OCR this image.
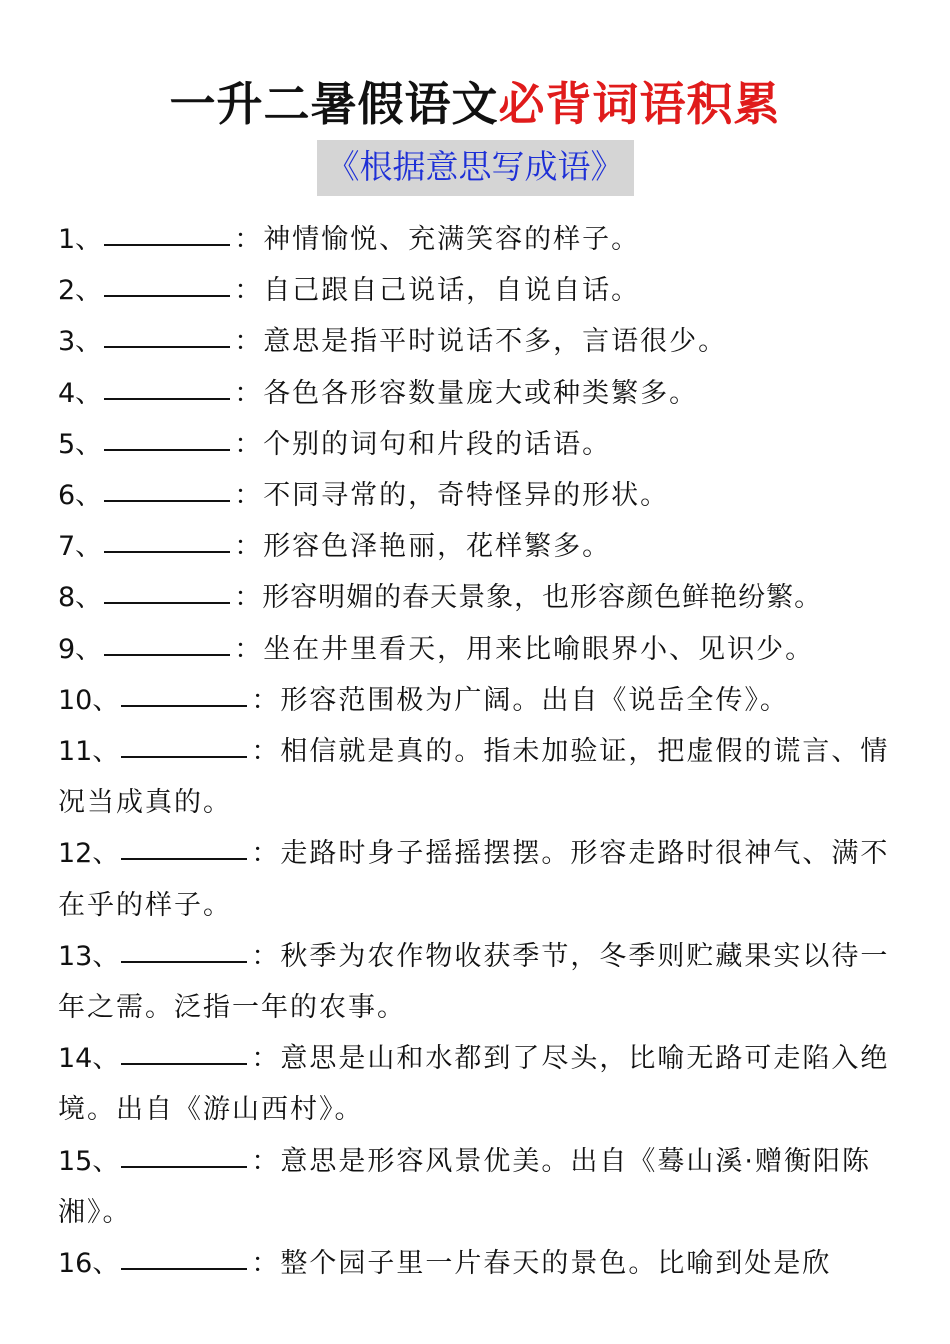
一升二暑假语文必背词语积累
《根据意思写成语》
1、	：神情愉悦、充满笑容的样子。
2、	：自己跟自己说话，自说自话。
3、	：意思是指平时说话不多，言语很少。
4、	：各色各形容数量庞大或种类繁多。
5、	：个别的词句和片段的话语。
6、	：不同寻常的，奇特怪异的形状。
7、	：形容色泽艳丽，花样繁多。
8、	：形容明媚的春天景象，也形容颜色鲜艳纷繁。
9、	：坐在井里看天，用来比喻眼界小、见识少。
10、	：形容范围极为广阔。出自《说岳全传》。
11、	：相信就是真的。指未加验证，把虚假的谎言、情况当成真的。
12、	：走路时身子摇摇摆摆。形容走路时很神气、满不在乎的样子。
13、	：秋季为农作物收获季节，冬季则贮藏果实以待一年之需。泛指一年的农事。
14、	：意思是山和水都到了尽头，比喻无路可走陷入绝境。出自《游山西村》。
15、	：意思是形容风景优美。出自《蓦山溪·赠衡阳陈湘》。
16、	：整个园子里一片春天的景色。比喻到处是欣
